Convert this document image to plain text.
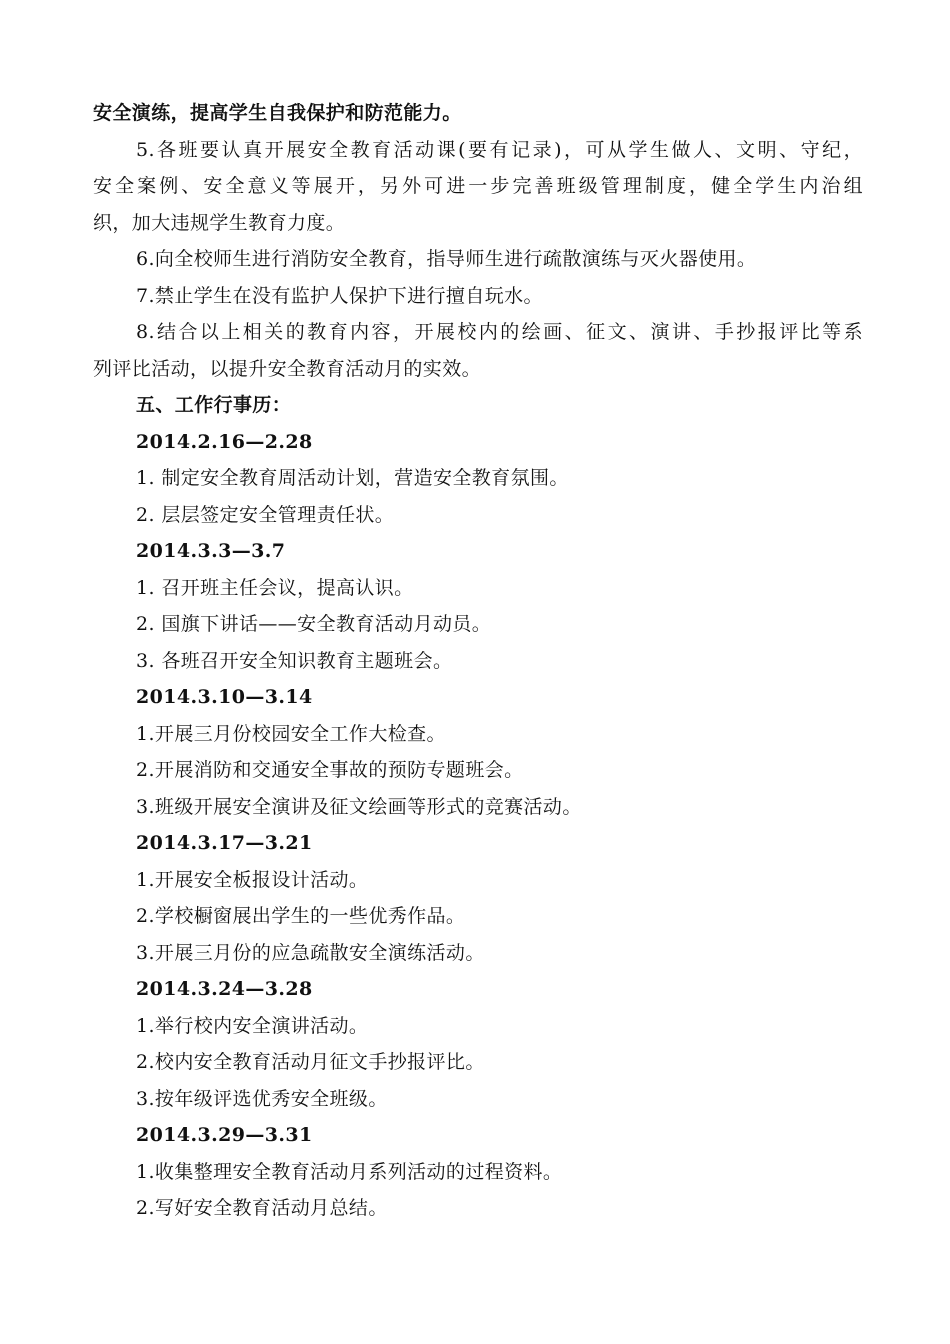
安全演练，提高学生自我保护和防范能力。
5.各班要认真开展安全教育活动课(要有记录)，可从学生做人、文明、守纪，
安全案例、安全意义等展开，另外可进一步完善班级管理制度，健全学生内治组
织，加大违规学生教育力度。
6.向全校师生进行消防安全教育，指导师生进行疏散演练与灭火器使用。
7.禁止学生在没有监护人保护下进行擅自玩水。
8.结合以上相关的教育内容，开展校内的绘画、征文、演讲、手抄报评比等系
列评比活动，以提升安全教育活动月的实效。
五、工作行事历：
2014.2.16—2.28
1. 制定安全教育周活动计划，营造安全教育氛围。
2. 层层签定安全管理责任状。
2014.3.3—3.7
1. 召开班主任会议，提高认识。
2. 国旗下讲话——安全教育活动月动员。
3. 各班召开安全知识教育主题班会。
2014.3.10—3.14
1.开展三月份校园安全工作大检查。
2.开展消防和交通安全事故的预防专题班会。
3.班级开展安全演讲及征文绘画等形式的竞赛活动。
2014.3.17—3.21
1.开展安全板报设计活动。
2.学校橱窗展出学生的一些优秀作品。
3.开展三月份的应急疏散安全演练活动。
2014.3.24—3.28
1.举行校内安全演讲活动。
2.校内安全教育活动月征文手抄报评比。
3.按年级评选优秀安全班级。
2014.3.29—3.31
1.收集整理安全教育活动月系列活动的过程资料。
2.写好安全教育活动月总结。
